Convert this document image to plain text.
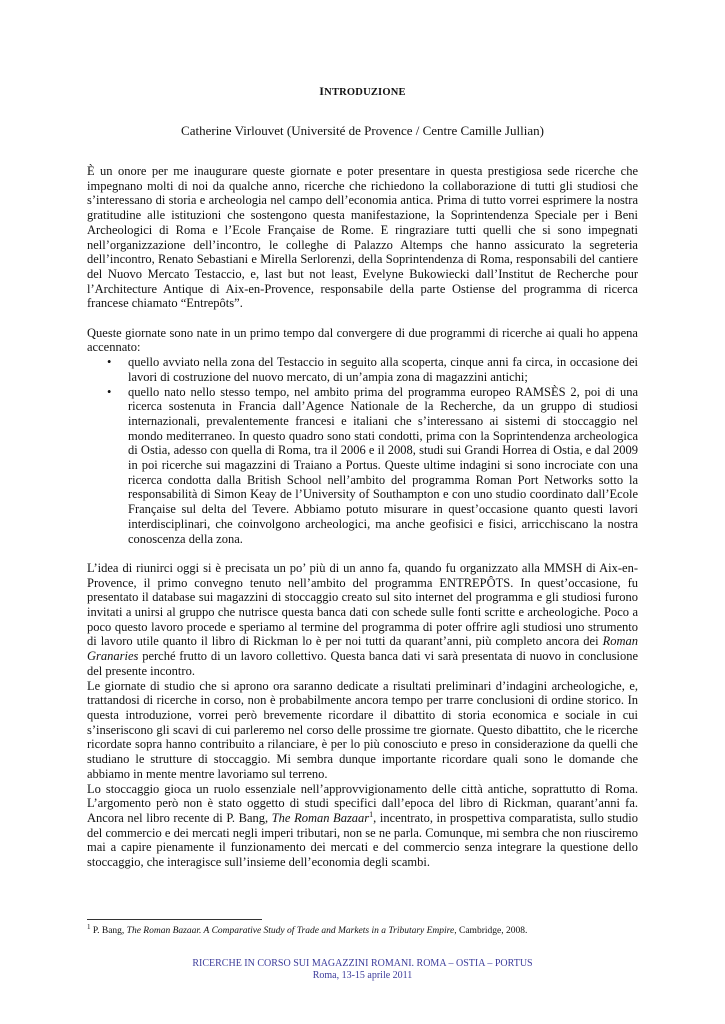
INTRODUZIONE
Catherine Virlouvet (Université de Provence / Centre Camille Jullian)

È un onore per me inaugurare queste giornate e poter presentare in questa prestigiosa sede ricerche che impegnano molti di noi da qualche anno, ricerche che richiedono la collaborazione di tutti gli studiosi che s’interessano di storia e archeologia nel campo dell’economia antica. Prima di tutto vorrei esprimere la nostra gratitudine alle istituzioni che sostengono questa manifestazione, la Soprintendenza Speciale per i Beni Archeologici di Roma e l’Ecole Française de Rome. E ringraziare tutti quelli che si sono impegnati nell’organizzazione dell’incontro, le colleghe di Palazzo Altemps che hanno assicurato la segreteria dell’incontro, Renato Sebastiani e Mirella Serlorenzi, della Soprintendenza di Roma, responsabili del cantiere del Nuovo Mercato Testaccio, e, last but not least, Evelyne Bukowiecki dall’Institut de Recherche pour l’Architecture Antique di Aix-en-Provence, responsabile della parte Ostiense del programma di ricerca francese chiamato “Entrepôts”.

Queste giornate sono nate in un primo tempo dal convergere di due programmi di ricerche ai quali ho appena accennato:

• quello avviato nella zona del Testaccio in seguito alla scoperta, cinque anni fa circa, in occasione dei lavori di costruzione del nuovo mercato, di un’ampia zona di magazzini antichi;
• quello nato nello stesso tempo, nel ambito prima del programma europeo RAMSÈS 2, poi di una ricerca sostenuta in Francia dall’Agence Nationale de la Recherche, da un gruppo di studiosi internazionali, prevalentemente francesi e italiani che s’interessano ai sistemi di stoccaggio nel mondo mediterraneo. In questo quadro sono stati condotti, prima con la Soprintendenza archeologica di Ostia, adesso con quella di Roma, tra il 2006 e il 2008, studi sui Grandi Horrea di Ostia, e dal 2009 in poi ricerche sui magazzini di Traiano a Portus. Queste ultime indagini si sono incrociate con una ricerca condotta dalla British School nell’ambito del programma Roman Port Networks sotto la responsabilità di Simon Keay de l’University of Southampton e con uno studio coordinato dall’Ecole Française sul delta del Tevere. Abbiamo potuto misurare in quest’occasione quanto questi lavori interdisciplinari, che coinvolgono archeologici, ma anche geofisici e fisici, arricchiscano la nostra conoscenza della zona.

L’idea di riunirci oggi si è precisata un po’ più di un anno fa, quando fu organizzato alla MMSH di Aix-en-Provence, il primo convegno tenuto nell’ambito del programma ENTREPÔTS. In quest’occasione, fu presentato il database sui magazzini di stoccaggio creato sul sito internet del programma e gli studiosi furono invitati a unirsi al gruppo che nutrisce questa banca dati con schede sulle fonti scritte e archeologiche. Poco a poco questo lavoro procede e speriamo al termine del programma di poter offrire agli studiosi uno strumento di lavoro utile quanto il libro di Rickman lo è per noi tutti da quarant’anni, più completo ancora dei Roman Granaries perché frutto di un lavoro collettivo. Questa banca dati vi sarà presentata di nuovo in conclusione del presente incontro.

Le giornate di studio che si aprono ora saranno dedicate a risultati preliminari d’indagini archeologiche, e, trattandosi di ricerche in corso, non è probabilmente ancora tempo per trarre conclusioni di ordine storico. In questa introduzione, vorrei però brevemente ricordare il dibattito di storia economica e sociale in cui s’inseriscono gli scavi di cui parleremo nel corso delle prossime tre giornate. Questo dibattito, che le ricerche ricordate sopra hanno contribuito a rilanciare, è per lo più conosciuto e preso in considerazione da quelli che studiano le strutture di stoccaggio. Mi sembra dunque importante ricordare quali sono le domande che abbiamo in mente mentre lavoriamo sul terreno.

Lo stoccaggio gioca un ruolo essenziale nell’approvvigionamento delle città antiche, soprattutto di Roma. L’argomento però non è stato oggetto di studi specifici dall’epoca del libro di Rickman, quarant’anni fa. Ancora nel libro recente di P. Bang, The Roman Bazaar$^1$, incentrato, in prospettiva comparatista, sullo studio del commercio e dei mercati negli imperi tributari, non se ne parla. Comunque, mi sembra che non riusciremo mai a capire pienamente il funzionamento dei mercati e del commercio senza integrare la questione dello stoccaggio, che interagisce sull’insieme dell’economia degli scambi.

$^1$ P. Bang, The Roman Bazaar. A Comparative Study of Trade and Markets in a Tributary Empire, Cambridge, 2008.
RICERCHE IN CORSO SUI MAGAZZINI ROMANI. ROMA – OSTIA – PORTUS
Roma, 13-15 aprile 2011
